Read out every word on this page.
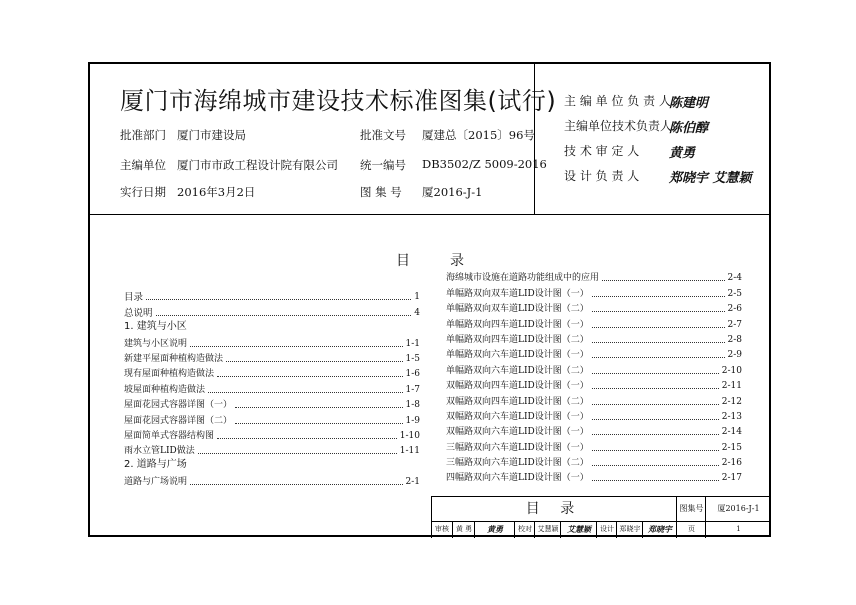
厦门市海绵城市建设技术标准图集(试行)
批准部门 厦门市建设局	批准文号 厦建总〔2015〕96号
主编单位 厦门市市政工程设计院有限公司 统一编号 DB3502/Z 5009-2016
实行日期 2016年3月2日	图 集 号 厦2016-J-1
主 编 单 位 负 责 人陈建明
主编单位技术负责人陈伯醇
技 术 审 定 人 黄勇
设 计 负 责 人 郑晓宇 艾慧颖
目	录
目录	1
总说明	4
1. 建筑与小区
建筑与小区说明	1-1
新建平屋面种植构造做法	1-5
现有屋面种植构造做法	1-6
坡屋面种植构造做法	1-7
屋面花园式容器详图（一）	1-8
屋面花园式容器详图（二）	1-9
屋面简单式容器结构图	1-10
雨水立管LID做法	1-11
2. 道路与广场
道路与广场说明	2-1
海绵城市设施在道路功能组成中的应用	2-4
单幅路双向双车道LID设计图（一）	2-5
单幅路双向双车道LID设计图（二）	2-6
单幅路双向四车道LID设计图（一）	2-7
单幅路双向四车道LID设计图（二）	2-8
单幅路双向六车道LID设计图（一）	2-9
单幅路双向六车道LID设计图（二）	2-10
双幅路双向四车道LID设计图（一）	2-11
双幅路双向四车道LID设计图（二）	2-12
双幅路双向六车道LID设计图（一）	2-13
双幅路双向六车道LID设计图（一）	2-14
三幅路双向六车道LID设计图（一）	2-15
三幅路双向六车道LID设计图（二）	2-16
四幅路双向六车道LID设计图（一）	2-17
目 录	图集号	厦2016-J-1
审核 黄 勇	黄勇	校对 艾慧颖	艾慧颖	设计 郑晓宇 郑晓宇	页	1
